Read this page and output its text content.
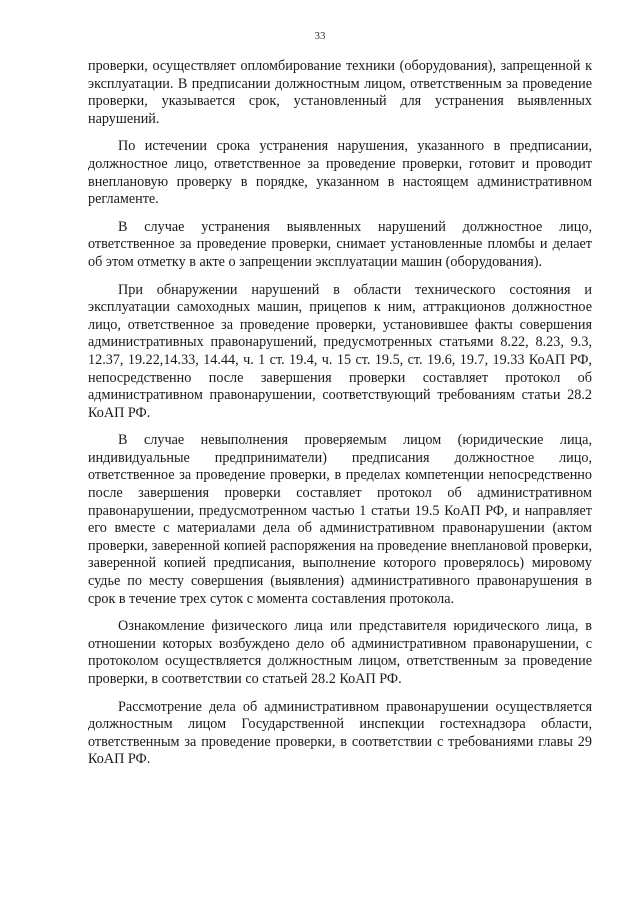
33

проверки, осуществляет опломбирование техники (оборудования), запрещенной к эксплуатации. В предписании должностным лицом, ответственным за проведение проверки, указывается срок, установленный для устранения выявленных нарушений.

По истечении срока устранения нарушения, указанного в предписании, должностное лицо, ответственное за проведение проверки, готовит и проводит внеплановую проверку в порядке, указанном в настоящем административном регламенте.

В случае устранения выявленных нарушений должностное лицо, ответственное за проведение проверки, снимает установленные пломбы и делает об этом отметку в акте о запрещении эксплуатации машин (оборудования).

При обнаружении нарушений в области технического состояния и эксплуатации самоходных машин, прицепов к ним, аттракционов должностное лицо, ответственное за проведение проверки, установившее факты совершения административных правонарушений, предусмотренных статьями 8.22, 8.23, 9.3, 12.37, 19.22,14.33, 14.44, ч. 1 ст. 19.4, ч. 15 ст. 19.5, ст. 19.6, 19.7, 19.33 КоАП РФ, непосредственно после завершения проверки составляет протокол об административном правонарушении, соответствующий требованиям статьи 28.2 КоАП РФ.

В случае невыполнения проверяемым лицом (юридические лица, индивидуальные предприниматели) предписания должностное лицо, ответственное за проведение проверки, в пределах компетенции непосредственно после завершения проверки составляет протокол об административном правонарушении, предусмотренном частью 1 статьи 19.5 КоАП РФ, и направляет его вместе с материалами дела об административном правонарушении (актом проверки, заверенной копией распоряжения на проведение внеплановой проверки, заверенной копией предписания, выполнение которого проверялось) мировому судье по месту совершения (выявления) административного правонарушения в срок в течение трех суток с момента составления протокола.

Ознакомление физического лица или представителя юридического лица, в отношении которых возбуждено дело об административном правонарушении, с протоколом осуществляется должностным лицом, ответственным за проведение проверки, в соответствии со статьей 28.2 КоАП РФ.

Рассмотрение дела об административном правонарушении осуществляется должностным лицом Государственной инспекции гостехнадзора области, ответственным за проведение проверки, в соответствии с требованиями главы 29 КоАП РФ.
